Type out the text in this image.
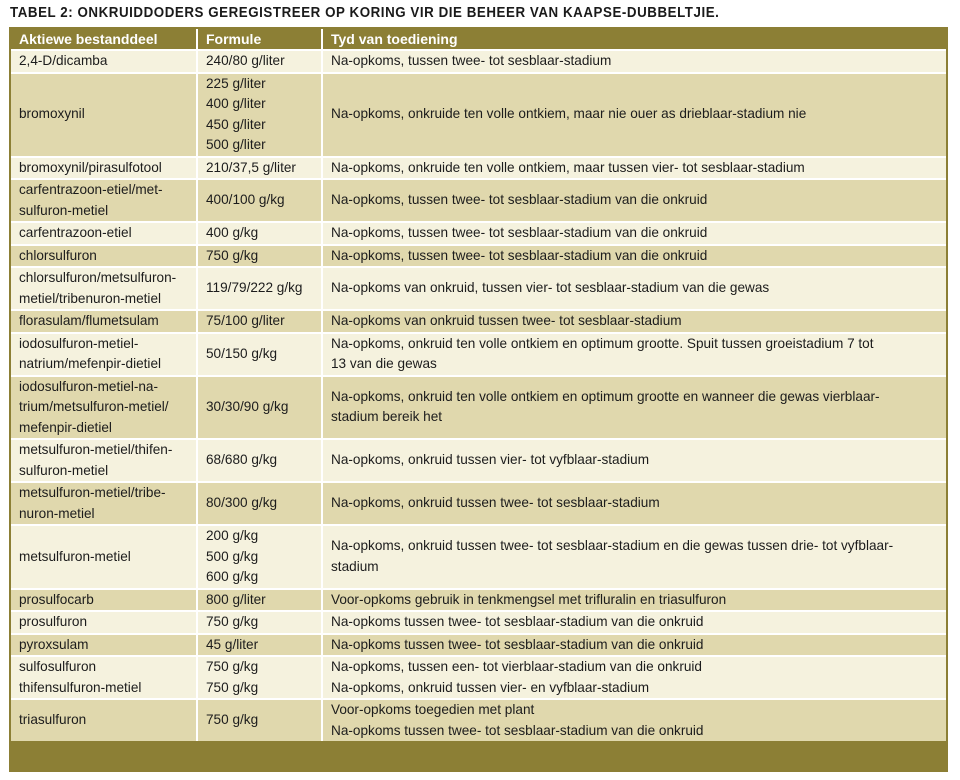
TABEL 2: ONKRUIDDODERS GEREGISTREER OP KORING VIR DIE BEHEER VAN KAAPSE-DUBBELTJIE.
Aktiewe bestanddeel	Formule	Tyd van toediening

2,4-D/dicamba	240/80 g/liter	Na-opkoms, tussen twee- tot sesblaar-stadium

bromoxynil	225 g/liter
400 g/liter
450 g/liter
500 g/liter	Na-opkoms, onkruide ten volle ontkiem, maar nie ouer as drieblaar-stadium nie

bromoxynil/pirasulfotool	210/37,5 g/liter	Na-opkoms, onkruide ten volle ontkiem, maar tussen vier- tot sesblaar-stadium

carfentrazoon-etiel/met-
sulfuron-metiel	400/100 g/kg	Na-opkoms, tussen twee- tot sesblaar-stadium van die onkruid

carfentrazoon-etiel	400 g/kg	Na-opkoms, tussen twee- tot sesblaar-stadium van die onkruid

chlorsulfuron	750 g/kg	Na-opkoms, tussen twee- tot sesblaar-stadium van die onkruid

chlorsulfuron/metsulfuron-
metiel/tribenuron-metiel	119/79/222 g/kg	Na-opkoms van onkruid, tussen vier- tot sesblaar-stadium van die gewas

florasulam/flumetsulam	75/100 g/liter	Na-opkoms van onkruid tussen twee- tot sesblaar-stadium

iodosulfuron-metiel-
natrium/mefenpir-dietiel	50/150 g/kg	Na-opkoms, onkruid ten volle ontkiem en optimum grootte. Spuit tussen groeistadium 7 tot
13 van die gewas

iodosulfuron-metiel-na-
trium/metsulfuron-metiel/
mefenpir-dietiel	30/30/90 g/kg	Na-opkoms, onkruid ten volle ontkiem en optimum grootte en wanneer die gewas vierblaar-
stadium bereik het

metsulfuron-metiel/thifen-
sulfuron-metiel	68/680 g/kg	Na-opkoms, onkruid tussen vier- tot vyfblaar-stadium

metsulfuron-metiel/tribe-
nuron-metiel	80/300 g/kg	Na-opkoms, onkruid tussen twee- tot sesblaar-stadium

metsulfuron-metiel	200 g/kg
500 g/kg
600 g/kg	Na-opkoms, onkruid tussen twee- tot sesblaar-stadium en die gewas tussen drie- tot vyfblaar-
stadium

prosulfocarb	800 g/liter	Voor-opkoms gebruik in tenkmengsel met trifluralin en triasulfuron

prosulfuron	750 g/kg	Na-opkoms tussen twee- tot sesblaar-stadium van die onkruid

pyroxsulam	45 g/liter	Na-opkoms tussen twee- tot sesblaar-stadium van die onkruid

sulfosulfuron
thifensulfuron-metiel	750 g/kg
750 g/kg	Na-opkoms, tussen een- tot vierblaar-stadium van die onkruid
Na-opkoms, onkruid tussen vier- en vyfblaar-stadium

triasulfuron	750 g/kg	Voor-opkoms toegedien met plant
Na-opkoms tussen twee- tot sesblaar-stadium van die onkruid
